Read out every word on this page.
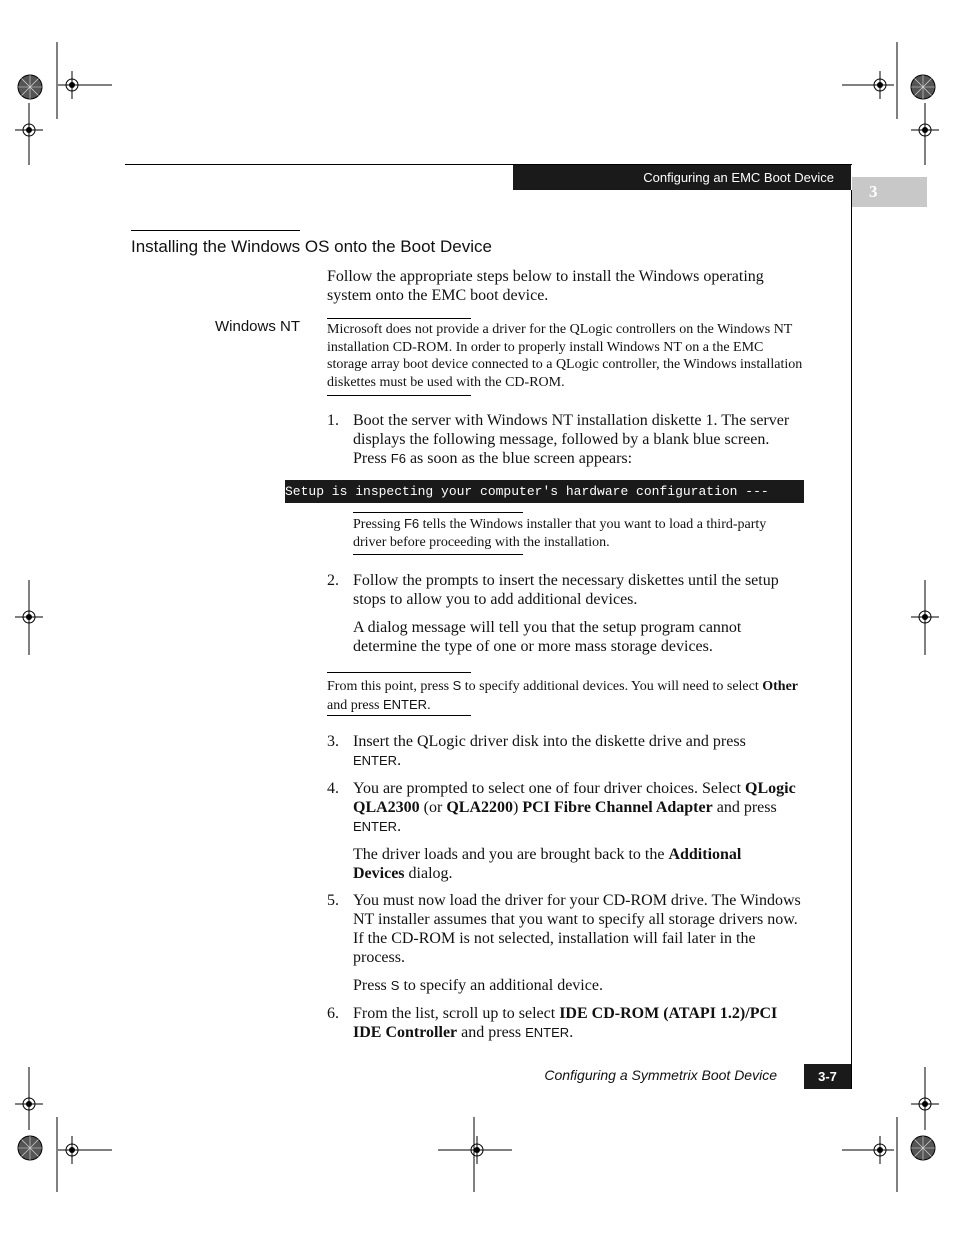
Configuring an EMC Boot Device
3
Installing the Windows OS onto the Boot Device
Follow the appropriate steps below to install the Windows operating system onto the EMC boot device.
Windows NT Microsoft does not provide a driver for the QLogic controllers on the Windows NT installation CD-ROM. In order to properly install Windows NT on a the EMC storage array boot device connected to a QLogic controller, the Windows installation diskettes must be used with the CD-ROM.
1. Boot the server with Windows NT installation diskette 1. The server displays the following message, followed by a blank blue screen. Press F6 as soon as the blue screen appears:
Setup is inspecting your computer's hardware configuration ---
Pressing F6 tells the Windows installer that you want to load a third-party driver before proceeding with the installation.
2. Follow the prompts to insert the necessary diskettes until the setup stops to allow you to add additional devices.
A dialog message will tell you that the setup program cannot determine the type of one or more mass storage devices.
From this point, press S to specify additional devices. You will need to select Other and press ENTER.
3. Insert the QLogic driver disk into the diskette drive and press
ENTER.
4. You are prompted to select one of four driver choices. Select QLogic QLA2300 (or QLA2200) PCI Fibre Channel Adapter and press ENTER.
The driver loads and you are brought back to the Additional Devices dialog.
5. You must now load the driver for your CD-ROM drive. The Windows NT installer assumes that you want to specify all storage drivers now. If the CD-ROM is not selected, installation will fail later in the process.
Press S to specify an additional device.
6. From the list, scroll up to select IDE CD-ROM (ATAPI 1.2)/PCI IDE Controller and press ENTER.
Configuring a Symmetrix Boot Device	3-7
